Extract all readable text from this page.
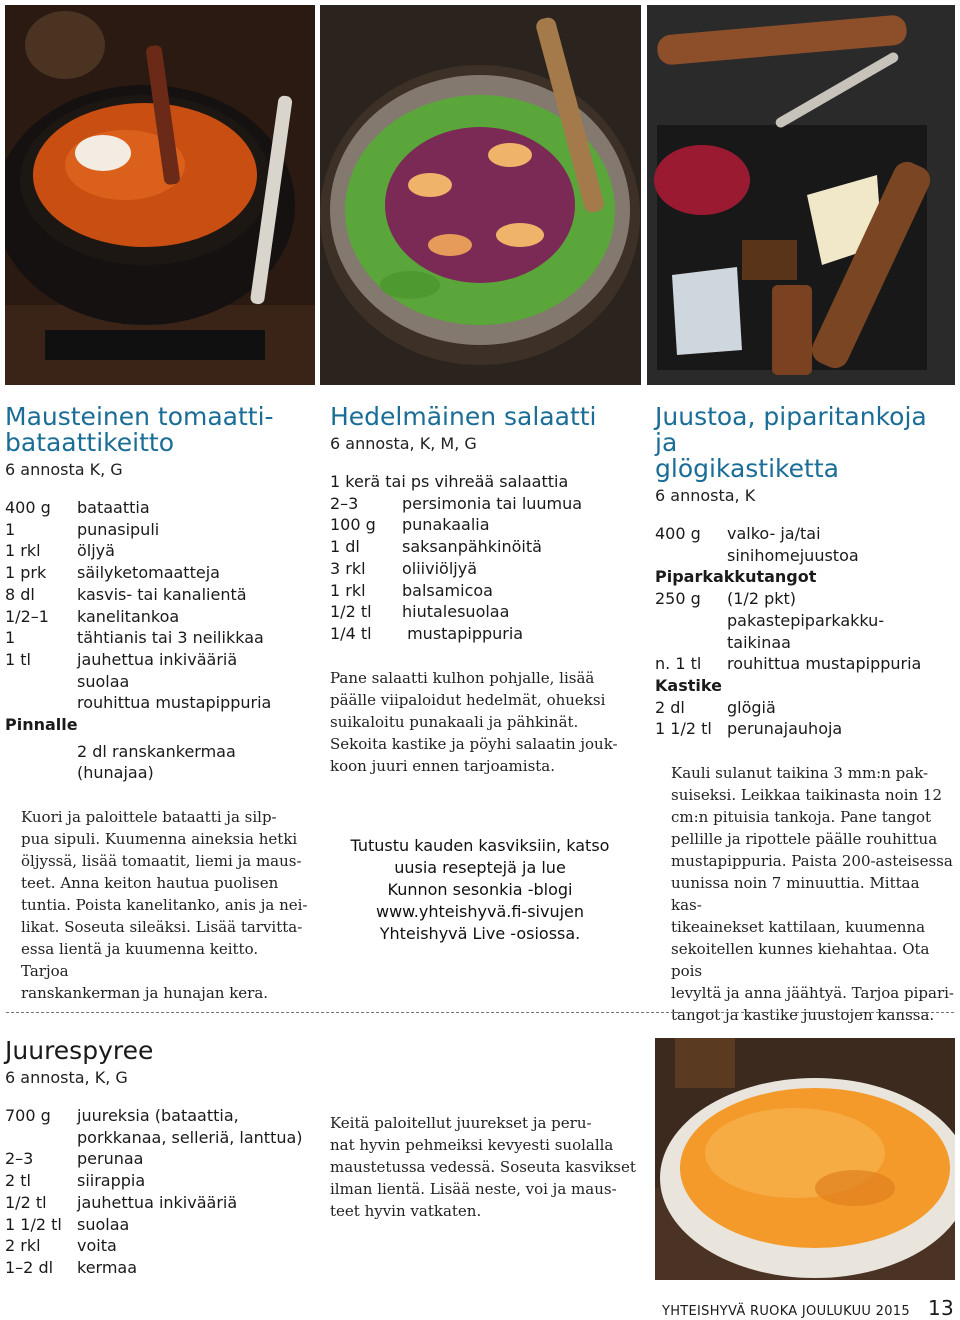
Mausteinen tomaatti-
bataattikeitto
6 annosta K, G
400 g	bataattia
1	punasipuli
1 rkl	öljyä
1 prk	säilyketomaatteja
8 dl	kasvis- tai kanalientä
1/2–1	kanelitankoa
1	tähtianis tai 3 neilikkaa
1 tl	jauhettua inkivääriä
	suolaa
	rouhittua mustapippuria
Pinnalle
	2 dl ranskankermaa
	(hunajaa)
Kuori ja paloittele bataatti ja silp-
pua sipuli. Kuumenna aineksia hetki
öljyssä, lisää tomaatit, liemi ja maus-
teet. Anna keiton hautua puolisen
tuntia. Poista kanelitanko, anis ja nei-
likat. Soseuta sileäksi. Lisää tarvitta-
essa lientä ja kuumenna keitto. Tarjoa
ranskankerman ja hunajan kera.
Hedelmäinen salaatti
6 annosta, K, M, G
1 kerä tai ps vihreää salaattia
2–3	persimonia tai luumua
100 g	punakaalia
1 dl	saksanpähkinöitä
3 rkl	oliiviöljyä
1 rkl	balsamicoa
1/2 tl	hiutalesuolaa
1/4 tl	mustapippuria
Pane salaatti kulhon pohjalle, lisää
päälle viipaloidut hedelmät, ohueksi
suikaloitu punakaali ja pähkinät.
Sekoita kastike ja pöyhi salaatin jouk-
koon juuri ennen tarjoamista.
Tutustu kauden kasviksiin, katso
uusia reseptejä ja lue
Kunnon sesonkia -blogi
www.yhteishyvä.fi-sivujen
Yhteishyvä Live -osiossa.
Juustoa, piparitankoja ja
glögikastiketta
6 annosta, K
400 g	valko- ja/tai sinihomejuustoa
Piparkakkutangot	
250 g	(1/2 pkt) pakastepiparkakku-
	taikinaa
n. 1 tl	rouhittua mustapippuria
Kastike	
2 dl	glögiä
1 1/2 tl	perunajauhoja
Kauli sulanut taikina 3 mm:n pak-
suiseksi. Leikkaa taikinasta noin 12
cm:n pituisia tankoja. Pane tangot
pellille ja ripottele päälle rouhittua
mustapippuria. Paista 200-asteisessa
uunissa noin 7 minuuttia. Mittaa kas-
tikeainekset kattilaan, kuumenna
sekoitellen kunnes kiehahtaa. Ota pois
levyltä ja anna jäähtyä. Tarjoa pipari-
tangot ja kastike juustojen kanssa.
Juurespyree
6 annosta, K, G
700 g	juureksia (bataattia,
	porkkanaa, selleriä, lanttua)
2–3	perunaa
2 tl	siirappia
1/2 tl	jauhettua inkivääriä
1 1/2 tl	suolaa
2 rkl	voita
1–2 dl	kermaa
Keitä paloitellut juurekset ja peru-
nat hyvin pehmeiksi kevyesti suolalla
maustetussa vedessä. Soseuta kasvikset
ilman lientä. Lisää neste, voi ja maus-
teet hyvin vatkaten.
YHTEISHYVÄ RUOKA JOULUKUU 2015 13
